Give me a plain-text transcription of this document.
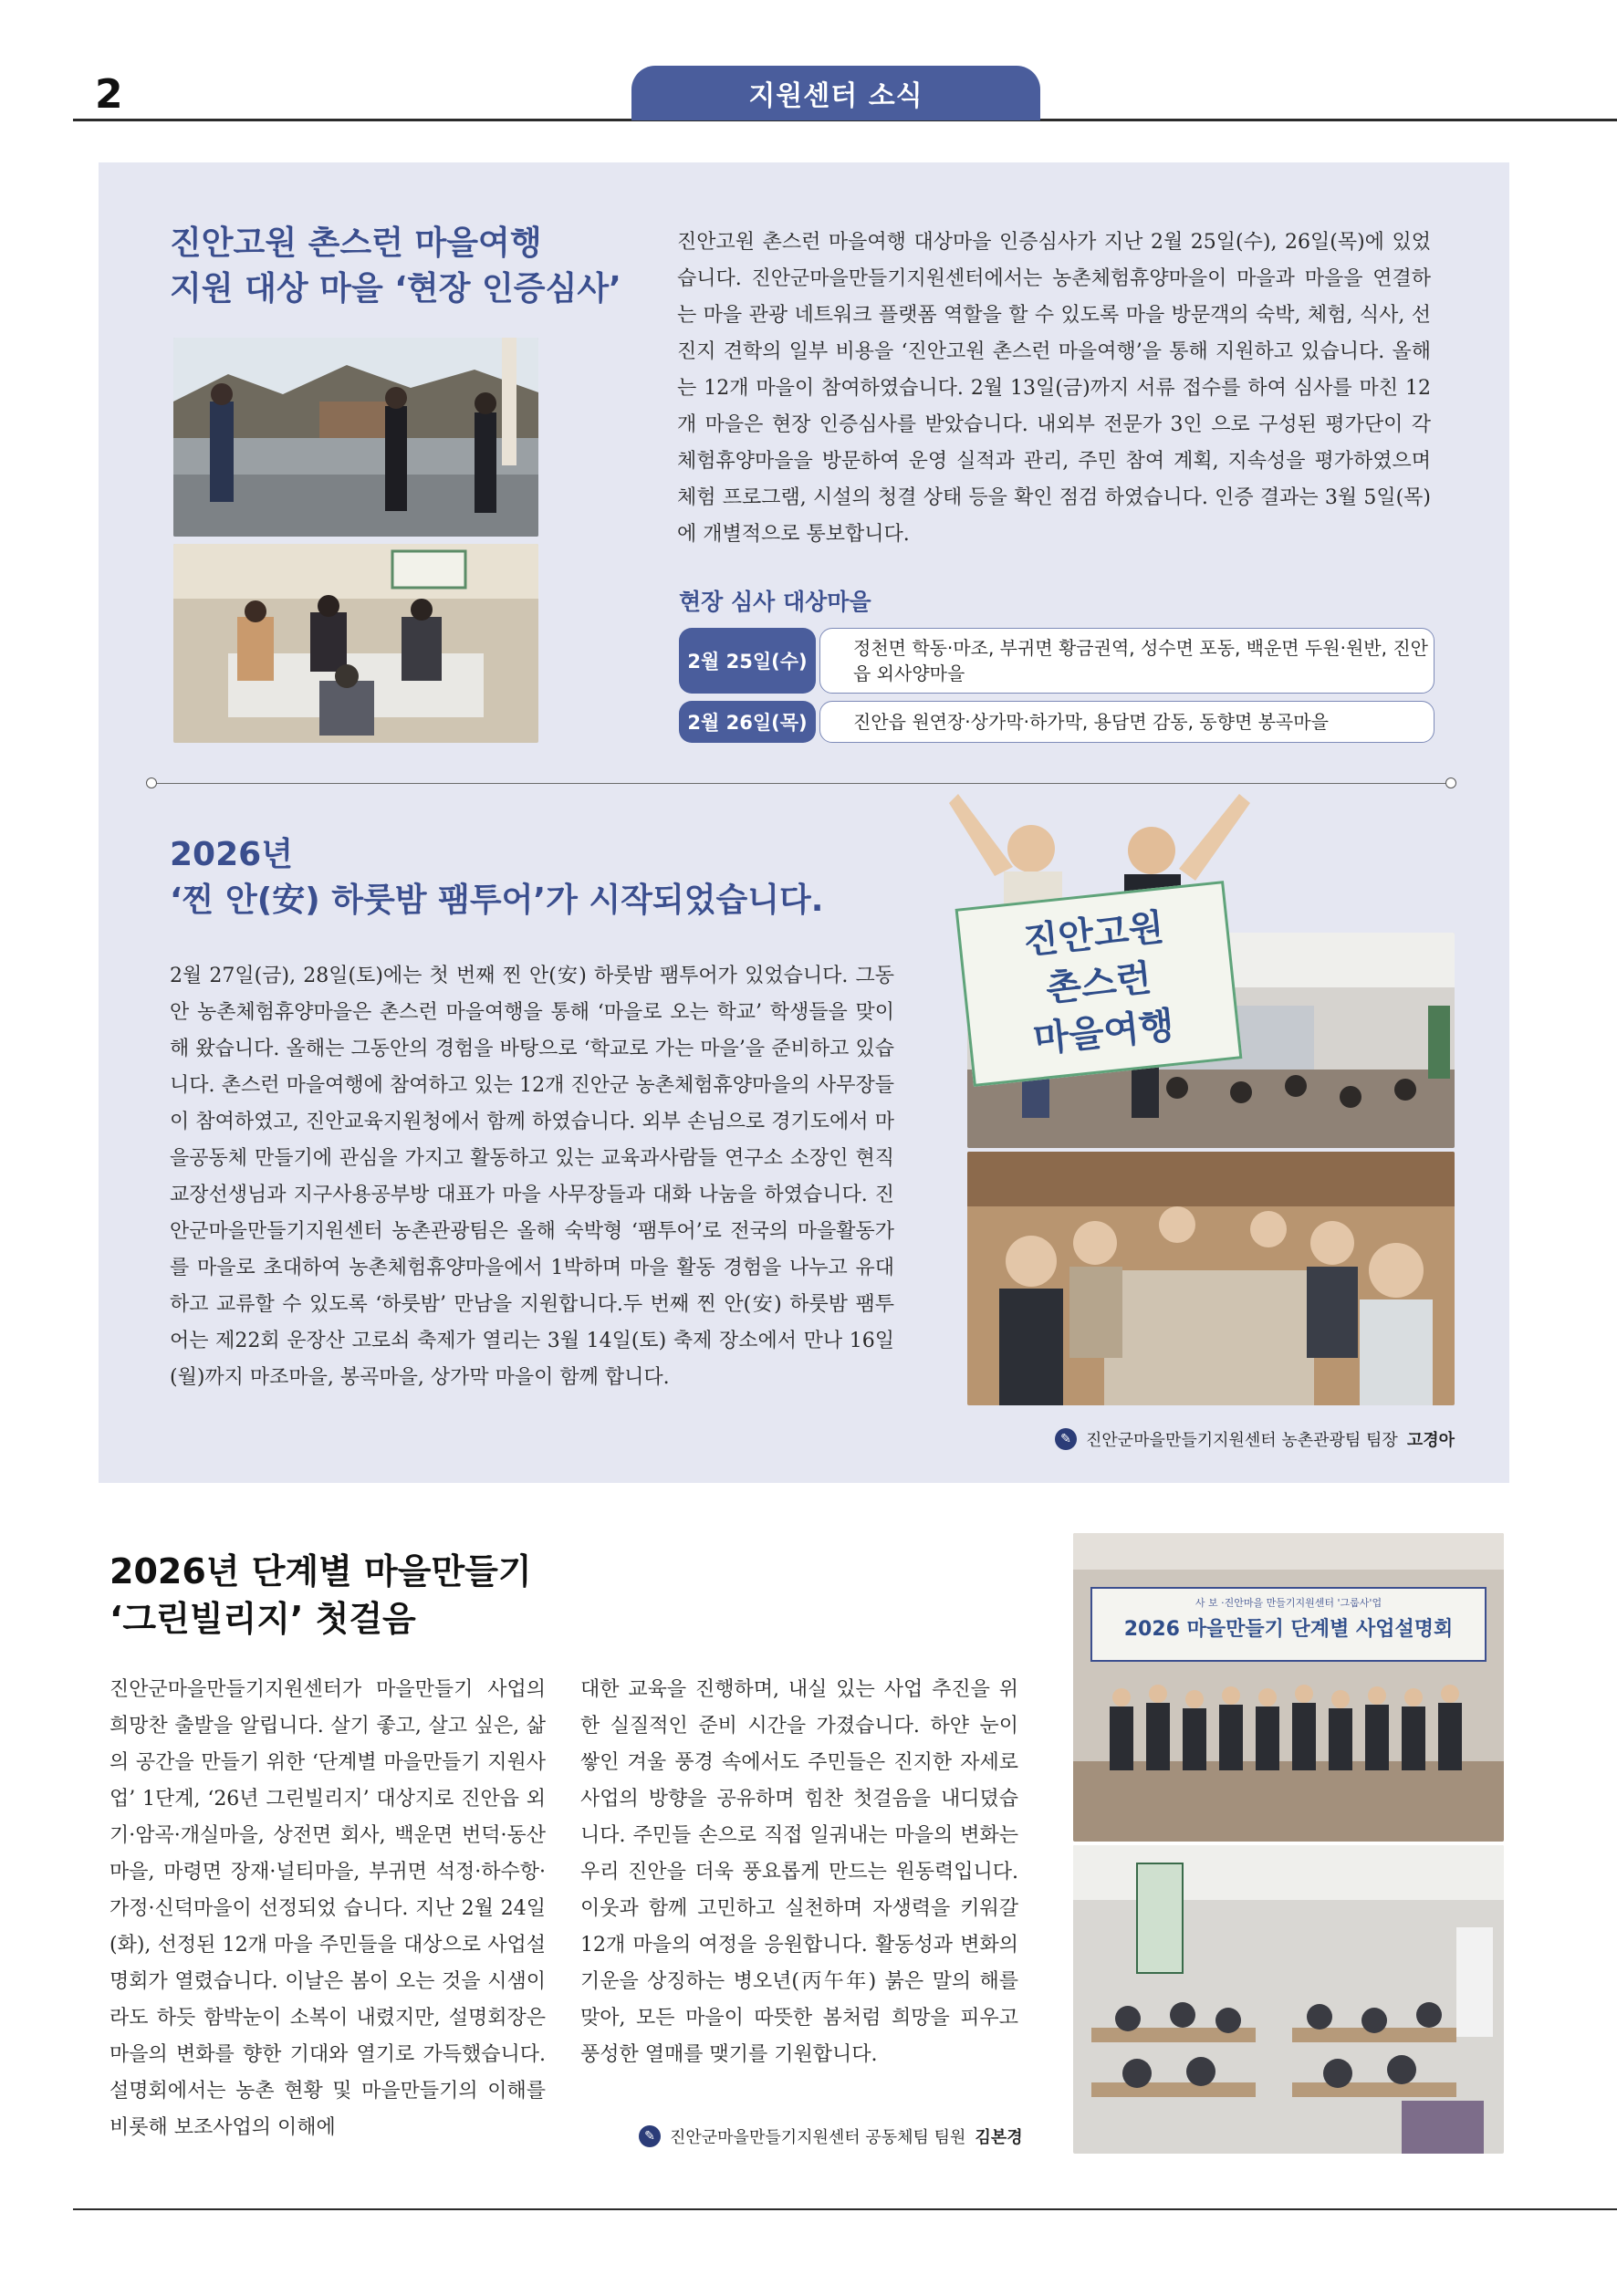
2	지원센터 소식
진안고원 촌스런 마을여행
지원 대상 마을 ‘현장 인증심사’
진안고원 촌스런 마을여행 대상마을 인증심사가 지난 2월 25일(수), 26일(목)에 있었습니다. 진안군마을만들기지원센터에서는 농촌체험휴양마을이 마을과 마을을 연결하는 마을 관광 네트워크 플랫폼 역할을 할 수 있도록 마을 방문객의 숙박, 체험, 식사, 선진지 견학의 일부 비용을 ‘진안고원 촌스런 마을여행’을 통해 지원하고 있습니다. 올해는 12개 마을이 참여하였습니다. 2월 13일(금)까지 서류 접수를 하여 심사를 마친 12개 마을은 현장 인증심사를 받았습니다. 내외부 전문가 3인 으로 구성된 평가단이 각 체험휴양마을을 방문하여 운영 실적과 관리, 주민 참여 계획, 지속성을 평가하였으며 체험 프로그램, 시설의 청결 상태 등을 확인 점검 하였습니다. 인증 결과는 3월 5일(목)에 개별적으로 통보합니다.
현장 심사 대상마을
2월 25일(수)
정천면 학동·마조, 부귀면 황금권역, 성수면 포동, 백운면 두원·원반, 진안읍 외사양마을
2월 26일(목)	진안읍 원연장·상가막·하가막, 용담면 감동, 동향면 봉곡마을
2026년
‘찐 안(安) 하룻밤 팸투어’가 시작되었습니다.
2월 27일(금), 28일(토)에는 첫 번째 찐 안(安) 하룻밤 팸투어가 있었습니다. 그동안 농촌체험휴양마을은 촌스런 마을여행을 통해 ‘마을로 오는 학교’ 학생들을 맞이해 왔습니다. 올해는 그동안의 경험을 바탕으로 ‘학교로 가는 마을’을 준비하고 있습니다. 촌스런 마을여행에 참여하고 있는 12개 진안군 농촌체험휴양마을의 사무장들이 참여하였고, 진안교육지원청에서 함께 하였습니다. 외부 손님으로 경기도에서 마을공동체 만들기에 관심을 가지고 활동하고 있는 교육과사람들 연구소 소장인 현직 교장선생님과 지구사용공부방 대표가 마을 사무장들과 대화 나눔을 하였습니다. 진안군마을만들기지원센터 농촌관광팀은 올해 숙박형 ‘팸투어’로 전국의 마을활동가를 마을로 초대하여 농촌체험휴양마을에서 1박하며 마을 활동 경험을 나누고 유대하고 교류할 수 있도록 ‘하룻밤’ 만남을 지원합니다.두 번째 찐 안(安) 하룻밤 팸투어는 제22회 운장산 고로쇠 축제가 열리는 3월 14일(토) 축제 장소에서 만나 16일(월)까지 마조마을, 봉곡마을, 상가막 마을이 함께 합니다.
진안고원
촌스런
마을여행
✎ 진안군마을만들기지원센터 농촌관광팀 팀장 고경아
2026년 단계별 마을만들기
‘그린빌리지’ 첫걸음
진안군마을만들기지원센터가 마을만들기 사업의 희망찬 출발을 알립니다. 살기 좋고, 살고 싶은, 삶의 공간을 만들기 위한 ‘단계별 마을만들기 지원사업’ 1단계, ‘26년 그린빌리지’ 대상지로 진안읍 외기·암곡·개실마을, 상전면 회사, 백운면 번덕·동산마을, 마령면 장재·널티마을, 부귀면 석정·하수항·가정·신덕마을이 선정되었 습니다. 지난 2월 24일(화), 선정된 12개 마을 주민들을 대상으로 사업설명회가 열렸습니다. 이날은 봄이 오는 것을 시샘이라도 하듯 함박눈이 소복이 내렸지만, 설명회장은 마을의 변화를 향한 기대와 열기로 가득했습니다. 설명회에서는 농촌 현황 및 마을만들기의 이해를 비롯해 보조사업의 이해에
대한 교육을 진행하며, 내실 있는 사업 추진을 위한 실질적인 준비 시간을 가졌습니다. 하얀 눈이 쌓인 겨울 풍경 속에서도 주민들은 진지한 자세로 사업의 방향을 공유하며 힘찬 첫걸음을 내디뎠습니다. 주민들 손으로 직접 일궈내는 마을의 변화는 우리 진안을 더욱 풍요롭게 만드는 원동력입니다. 이웃과 함께 고민하고 실천하며 자생력을 키워갈 12개 마을의 여정을 응원합니다. 활동성과 변화의 기운을 상징하는 병오년(丙午年) 붉은 말의 해를 맞아, 모든 마을이 따뜻한 봄처럼 희망을 피우고 풍성한 열매를 맺기를 기원합니다.
✎ 진안군마을만들기지원센터 공동체팀 팀원 김본경
사 보 ·진안마을 만들기지원센터 '그룹사'업
2026 마을만들기 단계별 사업설명회
